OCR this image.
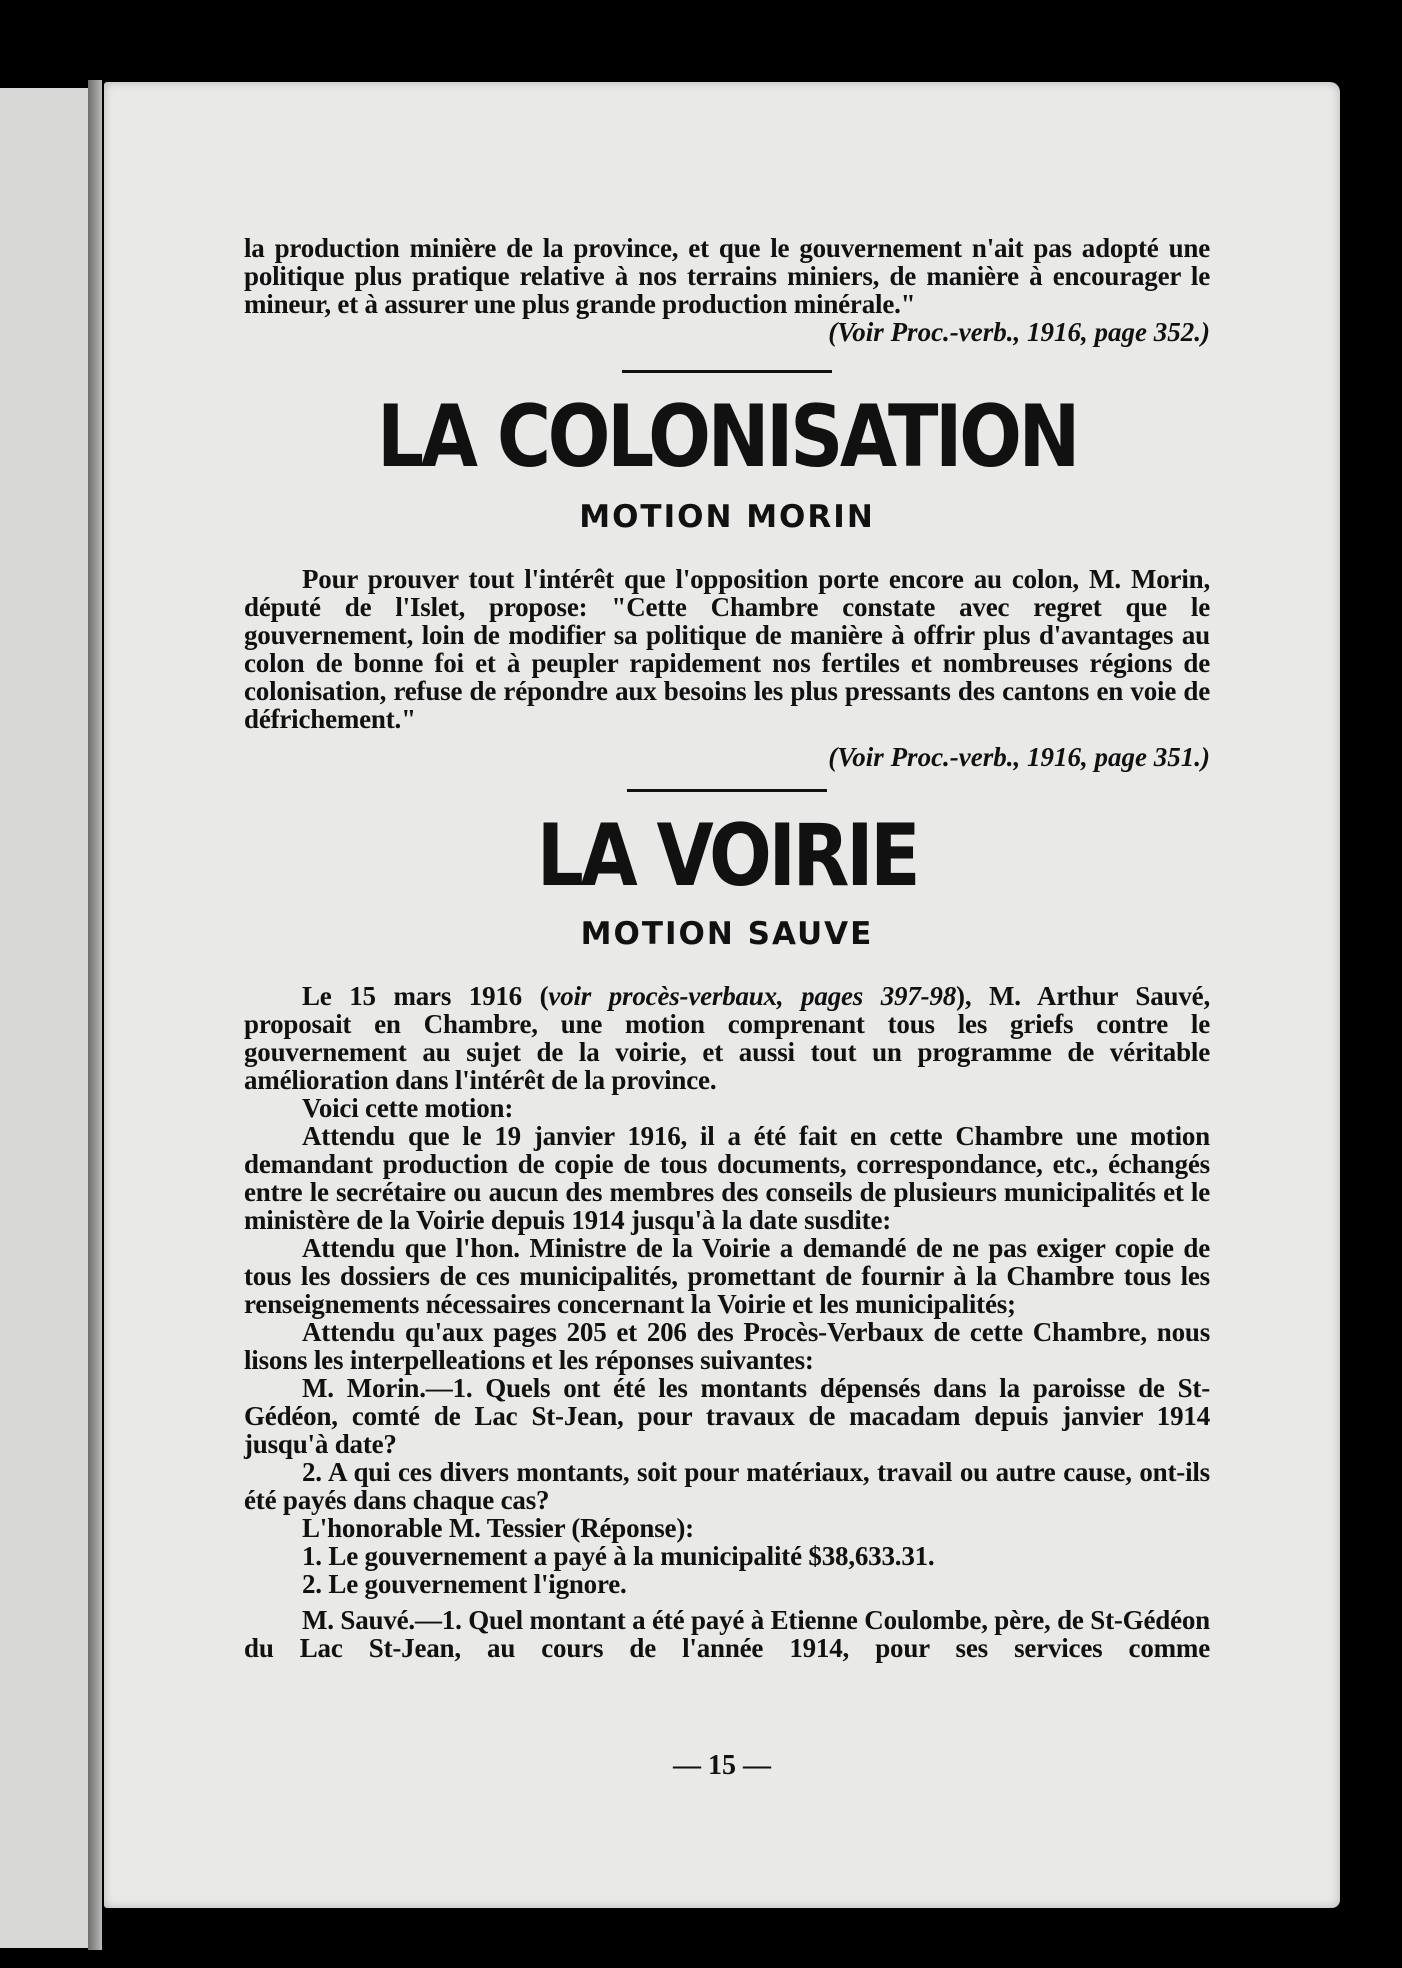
la production minière de la province, et que le gouvernement n'ait pas adopté une politique plus pratique relative à nos terrains miniers, de manière à encourager le mineur, et à assurer une plus grande production minérale."

(Voir Proc.-verb., 1916, page 352.)

LA COLONISATION
MOTION MORIN

Pour prouver tout l'intérêt que l'opposition porte encore au colon, M. Morin, député de l'Islet, propose: "Cette Chambre constate avec regret que le gouvernement, loin de modifier sa politique de manière à offrir plus d'avantages au colon de bonne foi et à peupler rapidement nos fertiles et nombreuses régions de colonisation, refuse de répondre aux besoins les plus pressants des cantons en voie de défrichement."

(Voir Proc.-verb., 1916, page 351.)

LA VOIRIE
MOTION SAUVE

Le 15 mars 1916 (voir procès-verbaux, pages 397-98), M. Arthur Sauvé, proposait en Chambre, une motion comprenant tous les griefs contre le gouvernement au sujet de la voirie, et aussi tout un programme de véritable amélioration dans l'intérêt de la province.

Voici cette motion:

Attendu que le 19 janvier 1916, il a été fait en cette Chambre une motion demandant production de copie de tous documents, correspondance, etc., échangés entre le secrétaire ou aucun des membres des conseils de plusieurs municipalités et le ministère de la Voirie depuis 1914 jusqu'à la date susdite:

Attendu que l'hon. Ministre de la Voirie a demandé de ne pas exiger copie de tous les dossiers de ces municipalités, promettant de fournir à la Chambre tous les renseignements nécessaires concernant la Voirie et les municipalités;

Attendu qu'aux pages 205 et 206 des Procès-Verbaux de cette Chambre, nous lisons les interpelleations et les réponses suivantes:

M. Morin.—1. Quels ont été les montants dépensés dans la paroisse de St-Gédéon, comté de Lac St-Jean, pour travaux de macadam depuis janvier 1914 jusqu'à date?

2. A qui ces divers montants, soit pour matériaux, travail ou autre cause, ont-ils été payés dans chaque cas?

L'honorable M. Tessier (Réponse):

1. Le gouvernement a payé à la municipalité $38,633.31.

2. Le gouvernement l'ignore.

M. Sauvé.—1. Quel montant a été payé à Etienne Coulombe, père, de St-Gédéon du Lac St-Jean, au cours de l'année 1914, pour ses services comme

— 15 —
